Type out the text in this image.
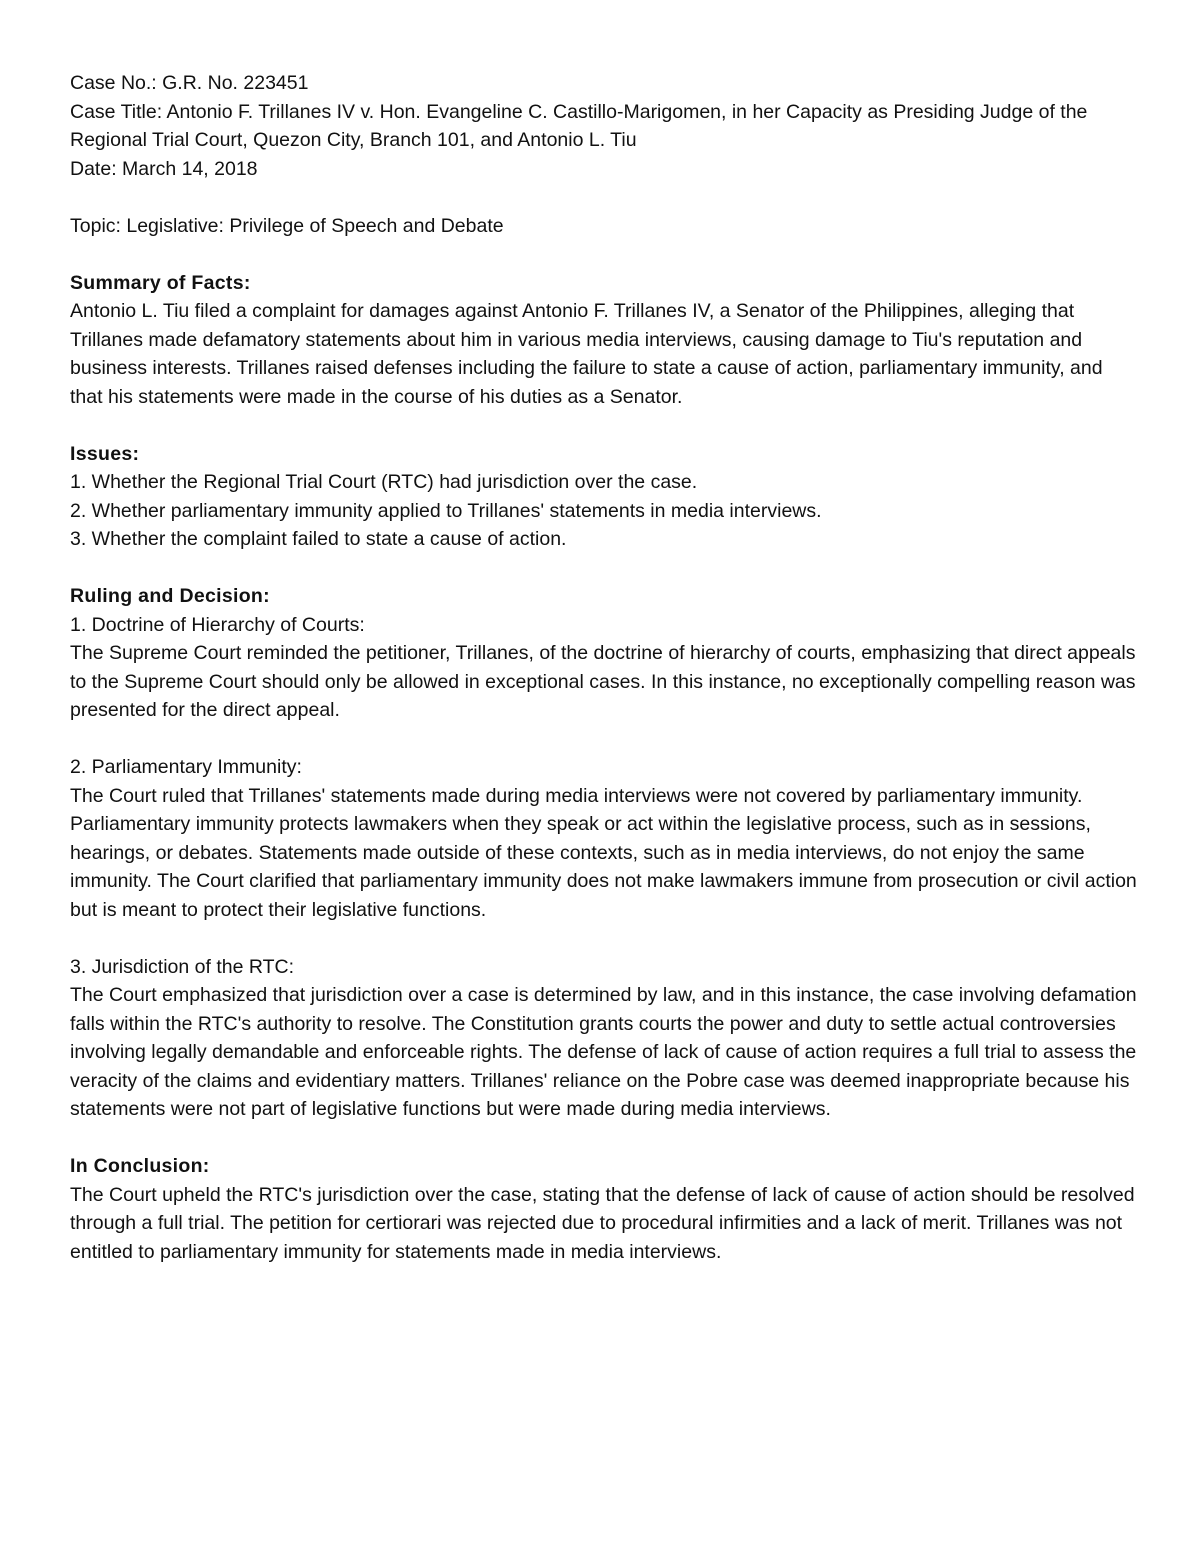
Case No.: G.R. No. 223451
Case Title: Antonio F. Trillanes IV v. Hon. Evangeline C. Castillo-Marigomen, in her Capacity as Presiding Judge of the Regional Trial Court, Quezon City, Branch 101, and Antonio L. Tiu
Date: March 14, 2018
Topic: Legislative: Privilege of Speech and Debate
Summary of Facts:

Antonio L. Tiu filed a complaint for damages against Antonio F. Trillanes IV, a Senator of the Philippines, alleging that Trillanes made defamatory statements about him in various media interviews, causing damage to Tiu's reputation and business interests. Trillanes raised defenses including the failure to state a cause of action, parliamentary immunity, and that his statements were made in the course of his duties as a Senator.

Issues:
1. Whether the Regional Trial Court (RTC) had jurisdiction over the case.
2. Whether parliamentary immunity applied to Trillanes' statements in media interviews.
3. Whether the complaint failed to state a cause of action.
Ruling and Decision:
1. Doctrine of Hierarchy of Courts:

The Supreme Court reminded the petitioner, Trillanes, of the doctrine of hierarchy of courts, emphasizing that direct appeals to the Supreme Court should only be allowed in exceptional cases. In this instance, no exceptionally compelling reason was presented for the direct appeal.

2. Parliamentary Immunity:

The Court ruled that Trillanes' statements made during media interviews were not covered by parliamentary immunity. Parliamentary immunity protects lawmakers when they speak or act within the legislative process, such as in sessions, hearings, or debates. Statements made outside of these contexts, such as in media interviews, do not enjoy the same immunity. The Court clarified that parliamentary immunity does not make lawmakers immune from prosecution or civil action but is meant to protect their legislative functions.

3. Jurisdiction of the RTC:

The Court emphasized that jurisdiction over a case is determined by law, and in this instance, the case involving defamation falls within the RTC's authority to resolve. The Constitution grants courts the power and duty to settle actual controversies involving legally demandable and enforceable rights. The defense of lack of cause of action requires a full trial to assess the veracity of the claims and evidentiary matters. Trillanes' reliance on the Pobre case was deemed inappropriate because his statements were not part of legislative functions but were made during media interviews.

In Conclusion:

The Court upheld the RTC's jurisdiction over the case, stating that the defense of lack of cause of action should be resolved through a full trial. The petition for certiorari was rejected due to procedural infirmities and a lack of merit. Trillanes was not entitled to parliamentary immunity for statements made in media interviews.
